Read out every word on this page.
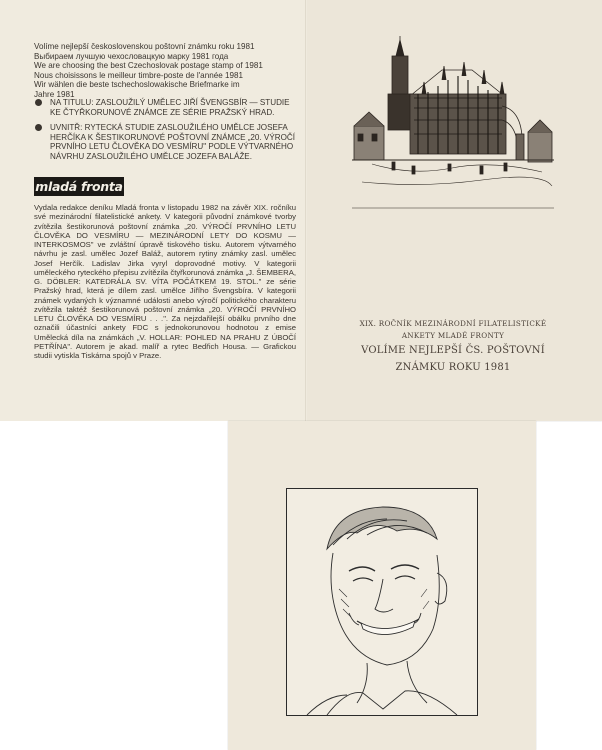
Volíme nejlepší československou poštovní známku roku 1981
Выбираем лучшую чехословацкую марку 1981 года
We are choosing the best Czechoslovak postage stamp of 1981
Nous choisissons le meilleur timbre-poste de l'année 1981
Wir wählen die beste tschechoslowakische Briefmarke im
Jahre 1981
NA TITULU: ZASLOUŽILÝ UMĚLEC JIŘÍ ŠVENGSBÍR — STUDIE KE ČTYŘKORUNOVÉ ZNÁMCE ZE SÉRIE PRAŽSKÝ HRAD.
UVNITŘ: RYTECKÁ STUDIE ZASLOUŽILÉHO UMĚLCE JOSEFA HERČÍKA K ŠESTIKORUNOVÉ POŠTOVNÍ ZNÁMCE „20. VÝROČÍ PRVNÍHO LETU ČLOVĚKA DO VESMÍRU" PODLE VÝTVARNÉHO NÁVRHU ZASLOUŽILÉHO UMĚLCE JOZEFA BALÁŽE.
mladá fronta
Vydala redakce deníku Mladá fronta v listopadu 1982 na závěr XIX. ročníku své mezinárodní filatelistické ankety. V kategorii původní známkové tvorby zvítězila šestikorunová poštovní známka „20. VÝROČÍ PRVNÍHO LETU ČLOVĚKA DO VESMÍRU — MEZINÁRODNÍ LETY DO KOSMU — INTERKOSMOS" ve zvláštní úpravě tiskového tisku. Autorem výtvarného návrhu je zasl. umělec Jozef Baláž, autorem rytiny známky zasl. umělec Josef Herčík. Ladislav Jirka vyryl doprovodné motivy. V kategorii uměleckého ryteckého přepisu zvítězila čtyřkorunová známka „J. ŠEMBERA, G. DÖBLER: KATEDRÁLA SV. VÍTA POČÁTKEM 19. STOL." ze série Pražský hrad, která je dílem zasl. umělce Jiřího Švengsbíra. V kategorii známek vydaných k významné události anebo výročí politického charakteru zvítězila taktéž šestikorunová poštovní známka „20. VÝROČÍ PRVNÍHO LETU ČLOVĚKA DO VESMÍRU . . .". Za nejzdařilejší obálku prvního dne označili účastníci ankety FDC s jednokorunovou hodnotou z emise Umělecká díla na známkách „V. HOLLAR: POHLED NA PRAHU Z ÚBOČÍ PETŘÍNA". Autorem je akad. malíř a rytec Bedřich Housa. — Grafickou studii vytiskla Tiskárna spojů v Praze.
XIX. ROČNÍK MEZINÁRODNÍ FILATELISTICKÉ
ANKETY MLADÉ FRONTY
VOLÍME NEJLEPŠÍ ČS. POŠTOVNÍ
ZNÁMKU ROKU 1981
